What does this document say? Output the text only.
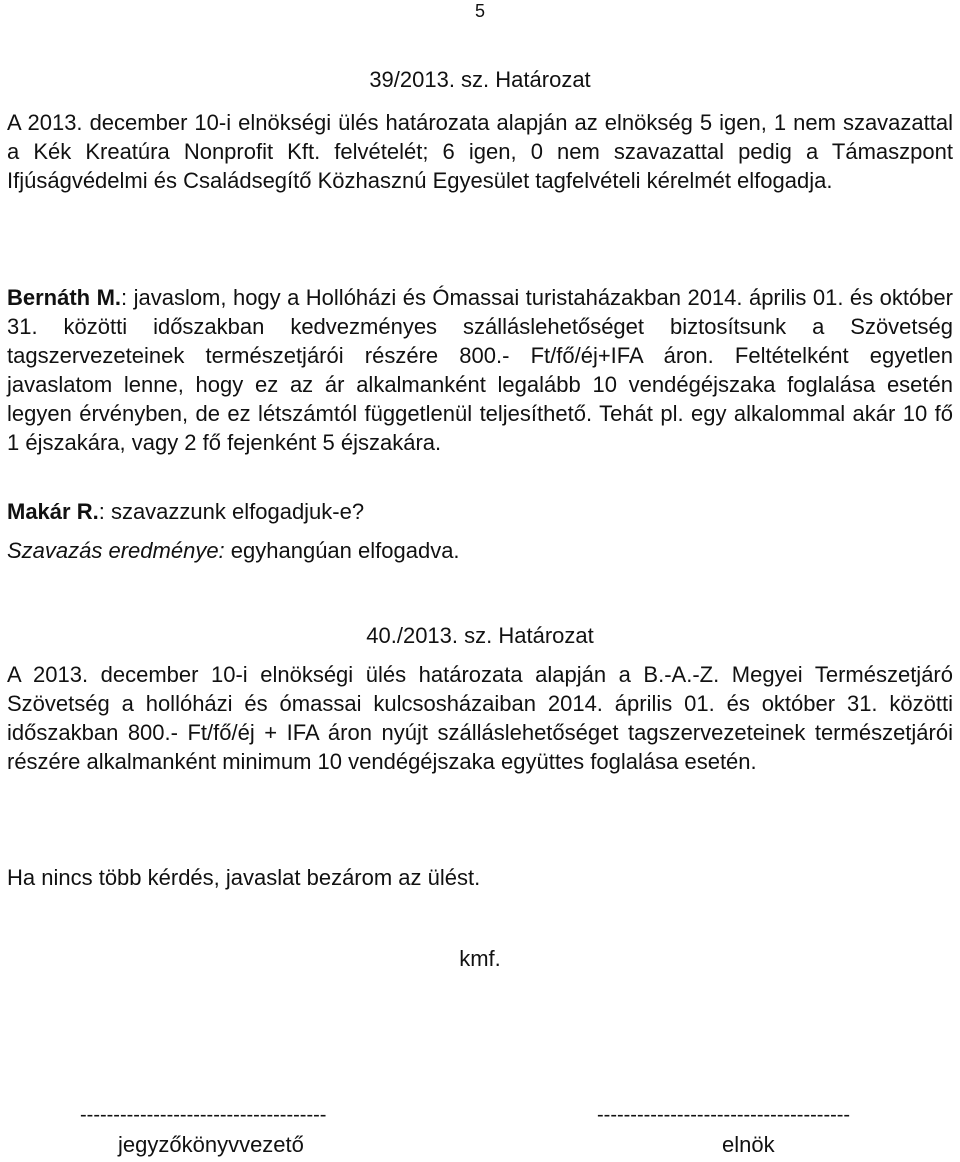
5
39/2013. sz. Határozat

A 2013. december 10-i elnökségi ülés határozata alapján az elnökség 5 igen, 1 nem szavazattal a Kék Kreatúra Nonprofit Kft. felvételét; 6 igen, 0 nem szavazattal pedig a Támaszpont Ifjúságvédelmi és Családsegítő Közhasznú Egyesület tagfelvételi kérelmét elfogadja.

Bernáth M.: javaslom, hogy a Hollóházi és Ómassai turistaházakban 2014. április 01. és október 31. közötti időszakban kedvezményes szálláslehetőséget biztosítsunk a Szövetség tagszervezeteinek természetjárói részére 800.- Ft/fő/éj+IFA áron. Feltételként egyetlen javaslatom lenne, hogy ez az ár alkalmanként legalább 10 vendégéjszaka foglalása esetén legyen érvényben, de ez létszámtól függetlenül teljesíthető. Tehát pl. egy alkalommal akár 10 fő 1 éjszakára, vagy 2 fő fejenként 5 éjszakára.

Makár R.: szavazzunk elfogadjuk-e?
Szavazás eredménye: egyhangúan elfogadva.
40./2013. sz. Határozat

A 2013. december 10-i elnökségi ülés határozata alapján a B.-A.-Z. Megyei Természetjáró Szövetség a hollóházi és ómassai kulcsosházaiban 2014. április 01. és október 31. közötti időszakban 800.- Ft/fő/éj + IFA áron nyújt szálláslehetőséget tagszervezeteinek természetjárói részére alkalmanként minimum 10 vendégéjszaka együttes foglalása esetén.

Ha nincs több kérdés, javaslat bezárom az ülést.
kmf.
-------------------------------------
jegyzőkönyvvezető
--------------------------------------
elnök
